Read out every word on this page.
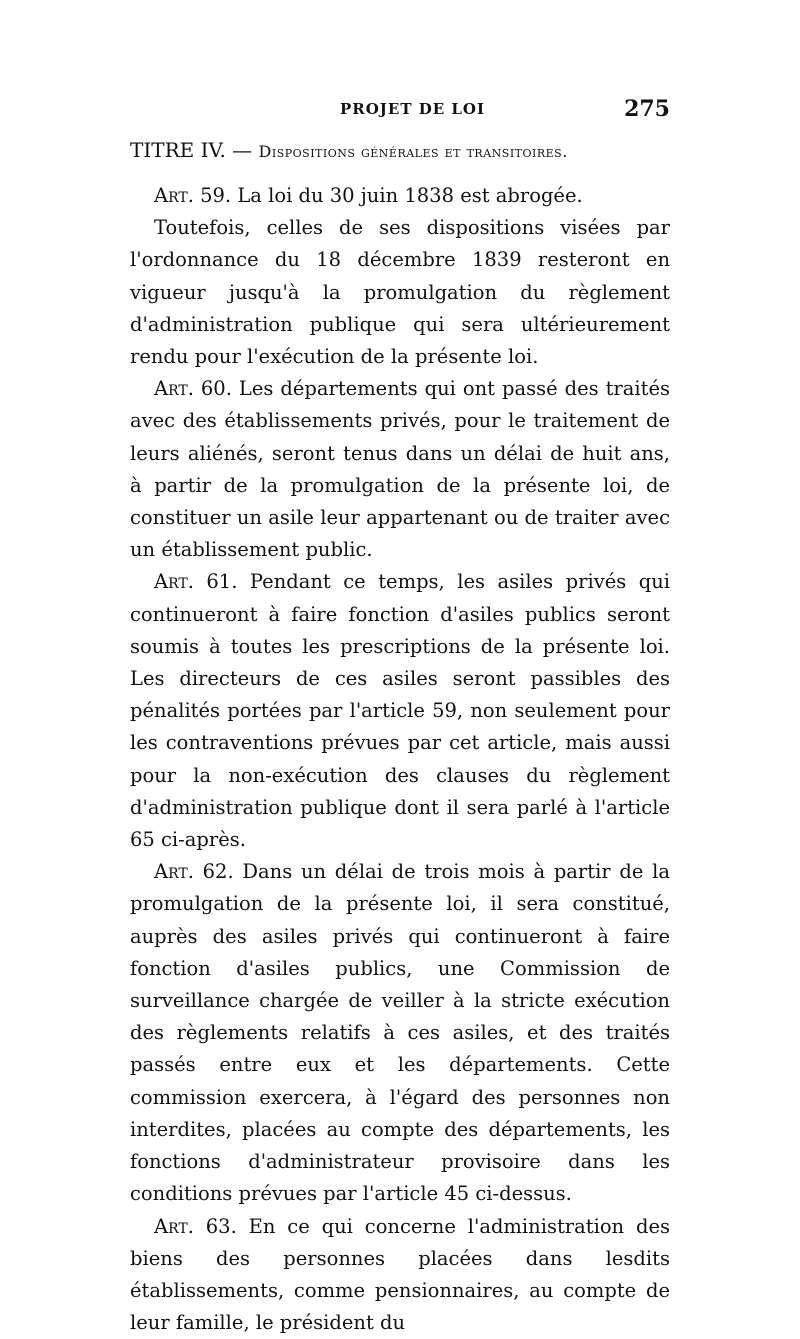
PROJET DE LOI	275
TITRE IV. — Dispositions générales et transitoires.

Art. 59. La loi du 30 juin 1838 est abrogée.

Toutefois, celles de ses dispositions visées par l'ordonnance du 18 décembre 1839 resteront en vigueur jusqu'à la promulgation du règlement d'administration publique qui sera ultérieurement rendu pour l'exécution de la présente loi.

Art. 60. Les départements qui ont passé des traités avec des établissements privés, pour le traitement de leurs aliénés, seront tenus dans un délai de huit ans, à partir de la promulgation de la présente loi, de constituer un asile leur appartenant ou de traiter avec un établissement public.

Art. 61. Pendant ce temps, les asiles privés qui continueront à faire fonction d'asiles publics seront soumis à toutes les prescriptions de la présente loi. Les directeurs de ces asiles seront passibles des pénalités portées par l'article 59, non seulement pour les contraventions prévues par cet article, mais aussi pour la non-exécution des clauses du règlement d'administration publique dont il sera parlé à l'article 65 ci-après.

Art. 62. Dans un délai de trois mois à partir de la promulgation de la présente loi, il sera constitué, auprès des asiles privés qui continueront à faire fonction d'asiles publics, une Commission de surveillance chargée de veiller à la stricte exécution des règlements relatifs à ces asiles, et des traités passés entre eux et les départements. Cette commission exercera, à l'égard des personnes non interdites, placées au compte des départements, les fonctions d'administrateur provisoire dans les conditions prévues par l'article 45 ci-dessus.

Art. 63. En ce qui concerne l'administration des biens des personnes placées dans lesdits établissements, comme pensionnaires, au compte de leur famille, le président du
